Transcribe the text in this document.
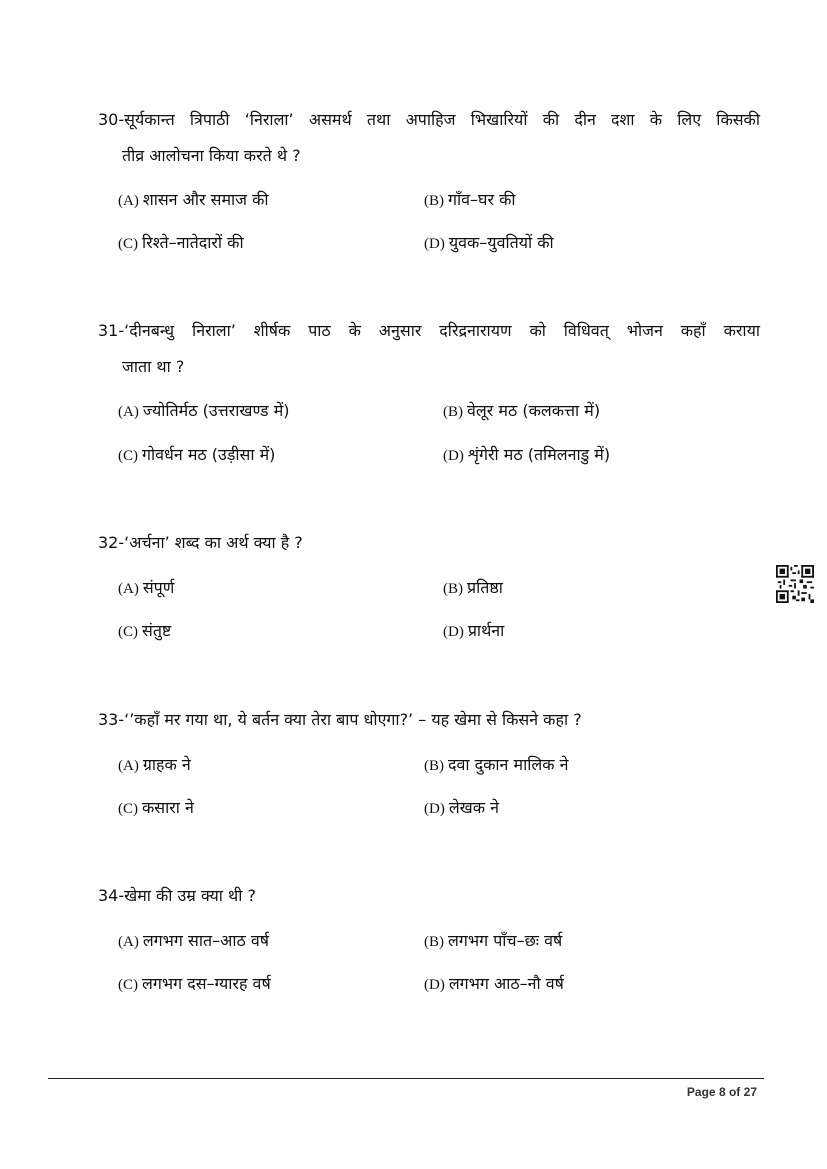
30-सूर्यकान्त त्रिपाठी ‘निराला’ असमर्थ तथा अपाहिज भिखारियों की दीन दशा के लिए किसकी
तीव्र आलोचना किया करते थे ?
(A) शासन और समाज की	(B) गाँव–घर की
(C) रिश्ते–नातेदारों की	(D) युवक–युवतियों की
31-‘दीनबन्धु निराला’ शीर्षक पाठ के अनुसार दरिद्रनारायण को विधिवत् भोजन कहाँ कराया
जाता था ?
(A) ज्योतिर्मठ (उत्तराखण्ड में)	(B) वेलूर मठ (कलकत्ता में)
(C) गोवर्धन मठ (उड़ीसा में)	(D) शृंगेरी मठ (तमिलनाडु में)
32-‘अर्चना’ शब्द का अर्थ क्या है ?
(A) संपूर्ण	(B) प्रतिष्ठा
(C) संतुष्ट	(D) प्रार्थना
33-‘’कहाँ मर गया था, ये बर्तन क्या तेरा बाप धोएगा?’ – यह खेमा से किसने कहा ?
(A) ग्राहक ने	(B) दवा दुकान मालिक ने
(C) कसारा ने	(D) लेखक ने
34-खेमा की उम्र क्या थी ?
(A) लगभग सात–आठ वर्ष	(B) लगभग पाँच–छः वर्ष
(C) लगभग दस–ग्यारह वर्ष	(D) लगभग आठ–नौ वर्ष
Page 8 of 27
